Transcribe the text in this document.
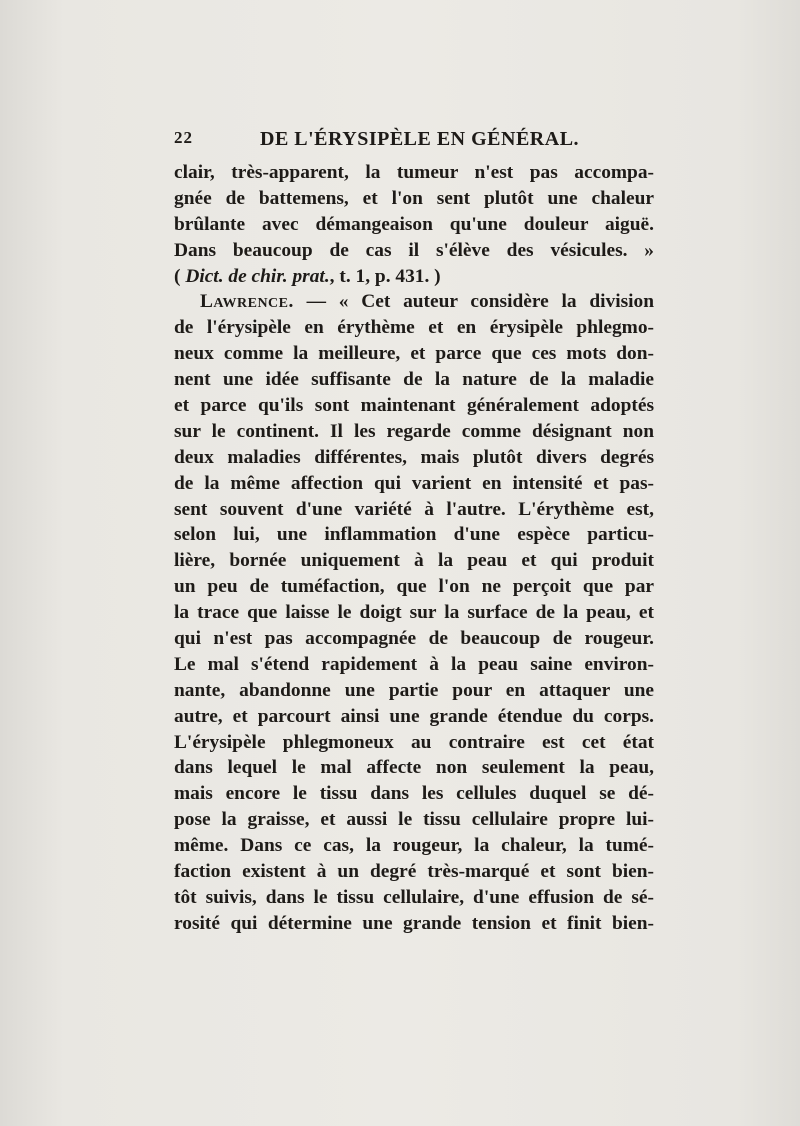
22	DE L'ÉRYSIPÈLE EN GÉNÉRAL.
clair, très-apparent, la tumeur n'est pas accompa-
gnée de battemens, et l'on sent plutôt une chaleur
brûlante avec démangeaison qu'une douleur aiguë.
Dans beaucoup de cas il s'élève des vésicules. »
( Dict. de chir. prat., t. 1, p. 431. )
Lawrence. — « Cet auteur considère la division
de l'érysipèle en érythème et en érysipèle phlegmo-
neux comme la meilleure, et parce que ces mots don-
nent une idée suffisante de la nature de la maladie
et parce qu'ils sont maintenant généralement adoptés
sur le continent. Il les regarde comme désignant non
deux maladies différentes, mais plutôt divers degrés
de la même affection qui varient en intensité et pas-
sent souvent d'une variété à l'autre. L'érythème est,
selon lui, une inflammation d'une espèce particu-
lière, bornée uniquement à la peau et qui produit
un peu de tuméfaction, que l'on ne perçoit que par
la trace que laisse le doigt sur la surface de la peau, et
qui n'est pas accompagnée de beaucoup de rougeur.
Le mal s'étend rapidement à la peau saine environ-
nante, abandonne une partie pour en attaquer une
autre, et parcourt ainsi une grande étendue du corps.
L'érysipèle phlegmoneux au contraire est cet état
dans lequel le mal affecte non seulement la peau,
mais encore le tissu dans les cellules duquel se dé-
pose la graisse, et aussi le tissu cellulaire propre lui-
même. Dans ce cas, la rougeur, la chaleur, la tumé-
faction existent à un degré très-marqué et sont bien-
tôt suivis, dans le tissu cellulaire, d'une effusion de sé-
rosité qui détermine une grande tension et finit bien-
